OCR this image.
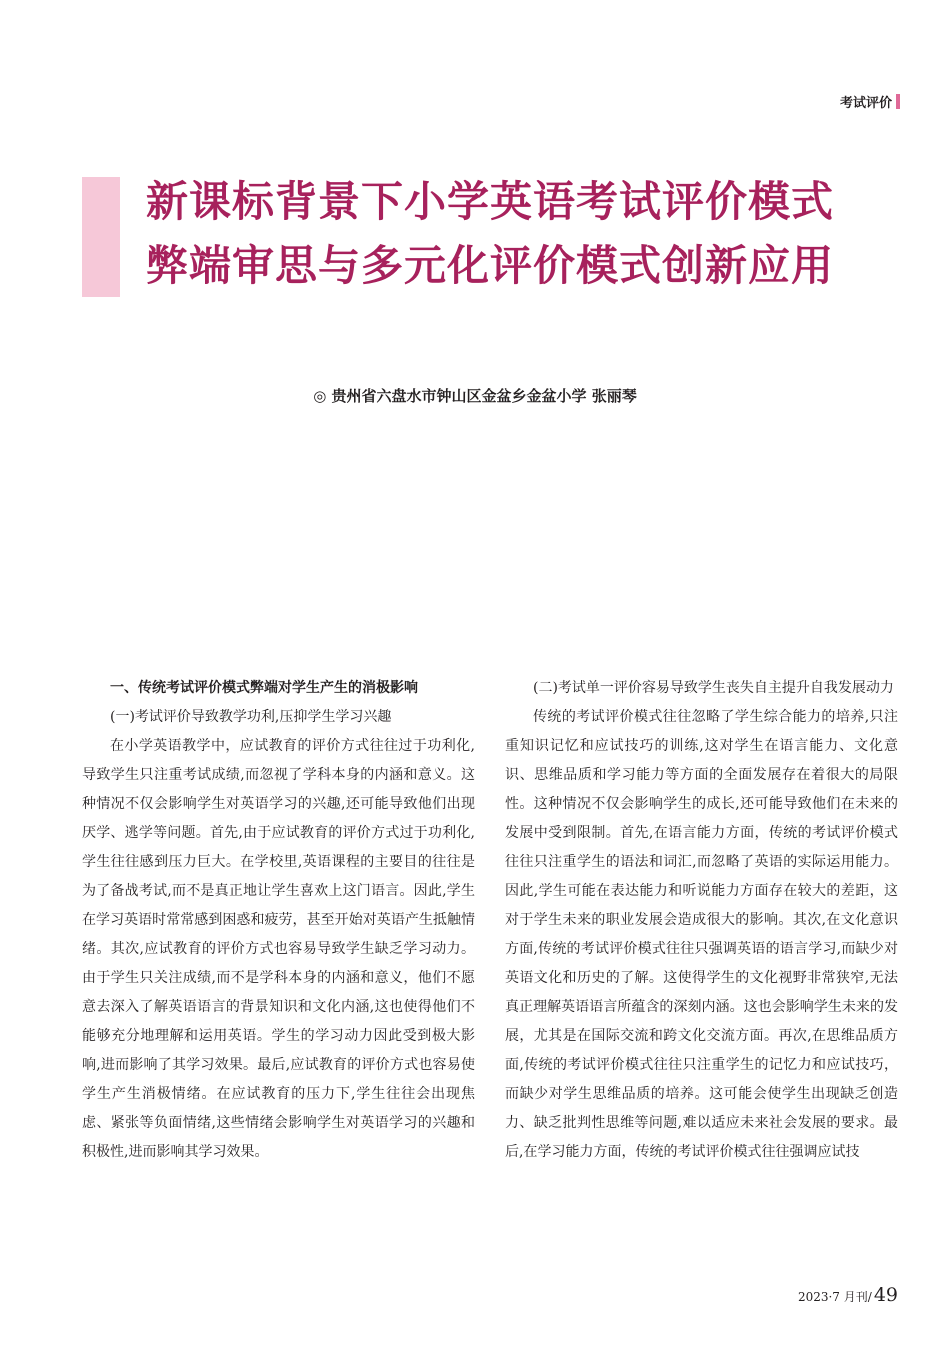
考试评价
新课标背景下小学英语考试评价模式
弊端审思与多元化评价模式创新应用
◎ 贵州省六盘水市钟山区金盆乡金盆小学 张丽琴

一、传统考试评价模式弊端对学生产生的消极影响

(一)考试评价导致教学功利,压抑学生学习兴趣

在小学英语教学中，应试教育的评价方式往往过于功利化,导致学生只注重考试成绩,而忽视了学科本身的内涵和意义。这种情况不仅会影响学生对英语学习的兴趣,还可能导致他们出现厌学、逃学等问题。首先,由于应试教育的评价方式过于功利化,学生往往感到压力巨大。在学校里,英语课程的主要目的往往是为了备战考试,而不是真正地让学生喜欢上这门语言。因此,学生在学习英语时常常感到困惑和疲劳，甚至开始对英语产生抵触情绪。其次,应试教育的评价方式也容易导致学生缺乏学习动力。由于学生只关注成绩,而不是学科本身的内涵和意义，他们不愿意去深入了解英语语言的背景知识和文化内涵,这也使得他们不能够充分地理解和运用英语。学生的学习动力因此受到极大影响,进而影响了其学习效果。最后,应试教育的评价方式也容易使学生产生消极情绪。在应试教育的压力下,学生往往会出现焦虑、紧张等负面情绪,这些情绪会影响学生对英语学习的兴趣和积极性,进而影响其学习效果。

(二)考试单一评价容易导致学生丧失自主提升自我发展动力

传统的考试评价模式往往忽略了学生综合能力的培养,只注重知识记忆和应试技巧的训练,这对学生在语言能力、文化意识、思维品质和学习能力等方面的全面发展存在着很大的局限性。这种情况不仅会影响学生的成长,还可能导致他们在未来的发展中受到限制。首先,在语言能力方面，传统的考试评价模式往往只注重学生的语法和词汇,而忽略了英语的实际运用能力。因此,学生可能在表达能力和听说能力方面存在较大的差距，这对于学生未来的职业发展会造成很大的影响。其次,在文化意识方面,传统的考试评价模式往往只强调英语的语言学习,而缺少对英语文化和历史的了解。这使得学生的文化视野非常狭窄,无法真正理解英语语言所蕴含的深刻内涵。这也会影响学生未来的发展，尤其是在国际交流和跨文化交流方面。再次,在思维品质方面,传统的考试评价模式往往只注重学生的记忆力和应试技巧，而缺少对学生思维品质的培养。这可能会使学生出现缺乏创造力、缺乏批判性思维等问题,难以适应未来社会发展的要求。最后,在学习能力方面，传统的考试评价模式往往强调应试技

2023·7 月刊/ 49
